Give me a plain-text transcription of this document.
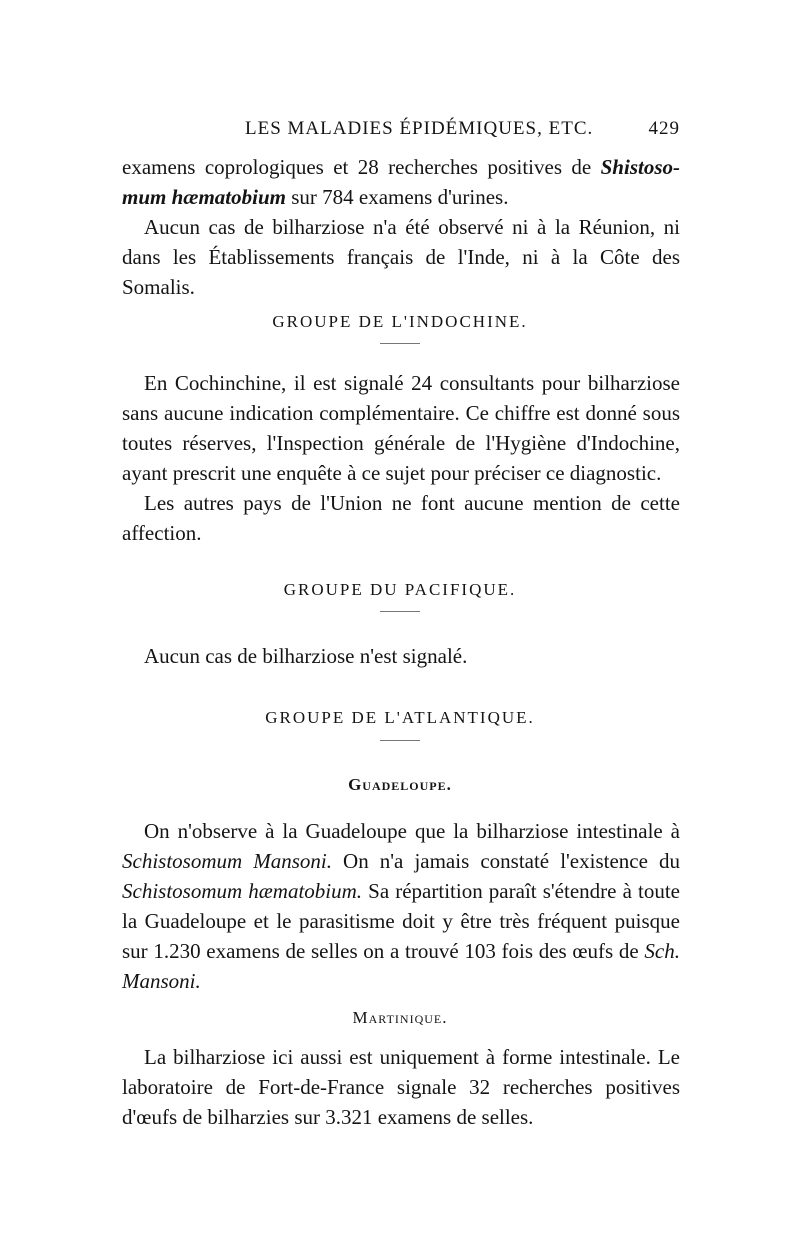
LES MALADIES ÉPIDÉMIQUES, ETC.	429

examens coprologiques et 28 recherches positives de Shistoso- mum hæmatobium sur 784 examens d'urines.

Aucun cas de bilharziose n'a été observé ni à la Réunion, ni dans les Établissements français de l'Inde, ni à la Côte des Somalis.

GROUPE DE L'INDOCHINE.

En Cochinchine, il est signalé 24 consultants pour bilharziose sans aucune indication complémentaire. Ce chiffre est donné sous toutes réserves, l'Inspection générale de l'Hygiène d'Indochine, ayant prescrit une enquête à ce sujet pour préciser ce diagnostic.

Les autres pays de l'Union ne font aucune mention de cette affection.

GROUPE DU PACIFIQUE.

Aucun cas de bilharziose n'est signalé.

GROUPE DE L'ATLANTIQUE.
Guadeloupe.

On n'observe à la Guadeloupe que la bilharziose intestinale à Schistosomum Mansoni. On n'a jamais constaté l'existence du Schistosomum hæmatobium. Sa répartition paraît s'étendre à toute la Guadeloupe et le parasitisme doit y être très fréquent puisque sur 1.230 examens de selles on a trouvé 103 fois des œufs de Sch. Mansoni.

Martinique.

La bilharziose ici aussi est uniquement à forme intestinale. Le laboratoire de Fort-de-France signale 32 recherches positives d'œufs de bilharzies sur 3.321 examens de selles.
